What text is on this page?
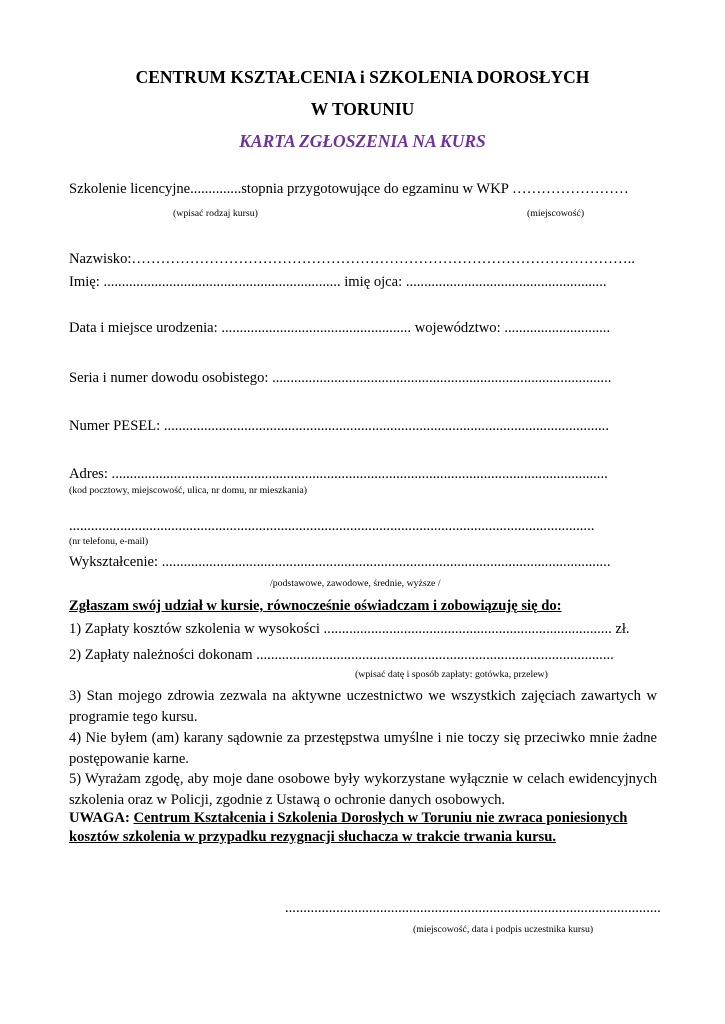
CENTRUM KSZTAŁCENIA i SZKOLENIA DOROSŁYCH
W TORUNIU
KARTA ZGŁOSZENIA NA KURS
Szkolenie licencyjne..............stopnia przygotowujące do egzaminu w WKP ……………………
(wpisać rodzaj kursu)	(miejscowość)
Nazwisko:…………………………………………………………………………………………..
Imię: ................................................................. imię ojca: .......................................................
Data i miejsce urodzenia: .................................................... województwo: .............................
Seria i numer dowodu osobistego: .............................................................................................
Numer PESEL: ..........................................................................................................................
Adres: ........................................................................................................................................
(kod pocztowy, miejscowość, ulica, nr domu, nr mieszkania)
................................................................................................................................................
(nr telefonu, e-mail)
Wykształcenie: ...........................................................................................................................
/podstawowe, zawodowe, średnie, wyższe /
Zgłaszam swój udział w kursie, równocześnie oświadczam i zobowiązuję się do:
1) Zapłaty kosztów szkolenia w wysokości ............................................................................... zł.
2) Zapłaty należności dokonam ..................................................................................................
(wpisać datę i sposób zapłaty: gotówka, przelew)
3) Stan mojego zdrowia zezwala na aktywne uczestnictwo we wszystkich zajęciach zawartych w programie tego kursu.
4) Nie byłem (am) karany sądownie za przestępstwa umyślne i nie toczy się przeciwko mnie żadne postępowanie karne.
5) Wyrażam zgodę, aby moje dane osobowe były wykorzystane wyłącznie w celach ewidencyjnych szkolenia oraz w Policji, zgodnie z Ustawą o ochronie danych osobowych.
UWAGA: Centrum Kształcenia i Szkolenia Dorosłych w Toruniu nie zwraca poniesionych
kosztów szkolenia w przypadku rezygnacji słuchacza w trakcie trwania kursu.
.......................................................................................................
(miejscowość, data i podpis uczestnika kursu)
